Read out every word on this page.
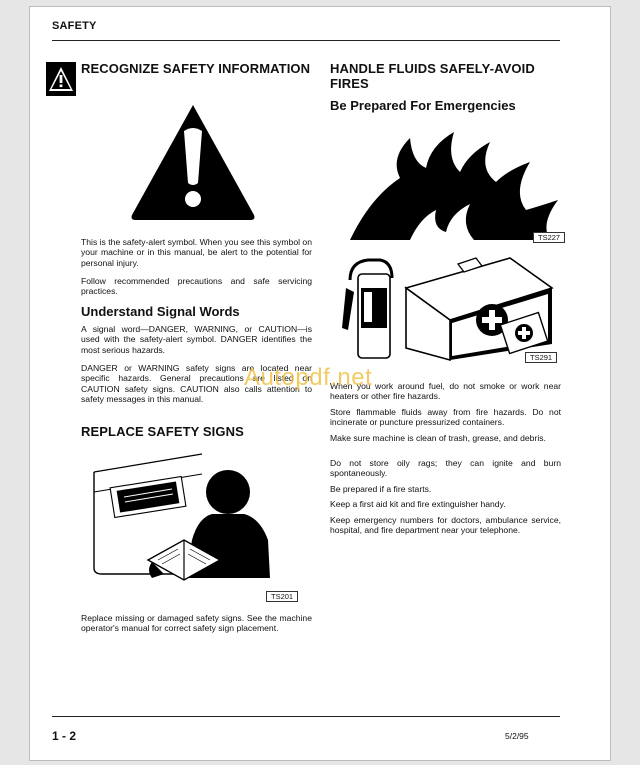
SAFETY
RECOGNIZE SAFETY INFORMATION
This is the safety-alert symbol. When you see this symbol on your machine or in this manual, be alert to the potential for personal injury.
Follow recommended precautions and safe servicing practices.
Understand Signal Words
A signal word—DANGER, WARNING, or CAUTION—is used with the safety-alert symbol. DANGER identifies the most serious hazards.
DANGER or WARNING safety signs are located near specific hazards. General precautions are listed on CAUTION safety signs. CAUTION also calls attention to safety messages in this manual.
REPLACE SAFETY SIGNS
TS201
Replace missing or damaged safety signs. See the machine operator's manual for correct safety sign placement.
HANDLE FLUIDS SAFELY-AVOID FIRES
Be Prepared For Emergencies
TS227
TS291
When you work around fuel, do not smoke or work near heaters or other fire hazards.
Store flammable fluids away from fire hazards. Do not incinerate or puncture pressurized containers.
Make sure machine is clean of trash, grease, and debris.
Do not store oily rags; they can ignite and burn spontaneously.
Be prepared if a fire starts.
Keep a first aid kit and fire extinguisher handy.
Keep emergency numbers for doctors, ambulance service, hospital, and fire department near your telephone.
Autopdf.net
1 - 2	5/2/95
